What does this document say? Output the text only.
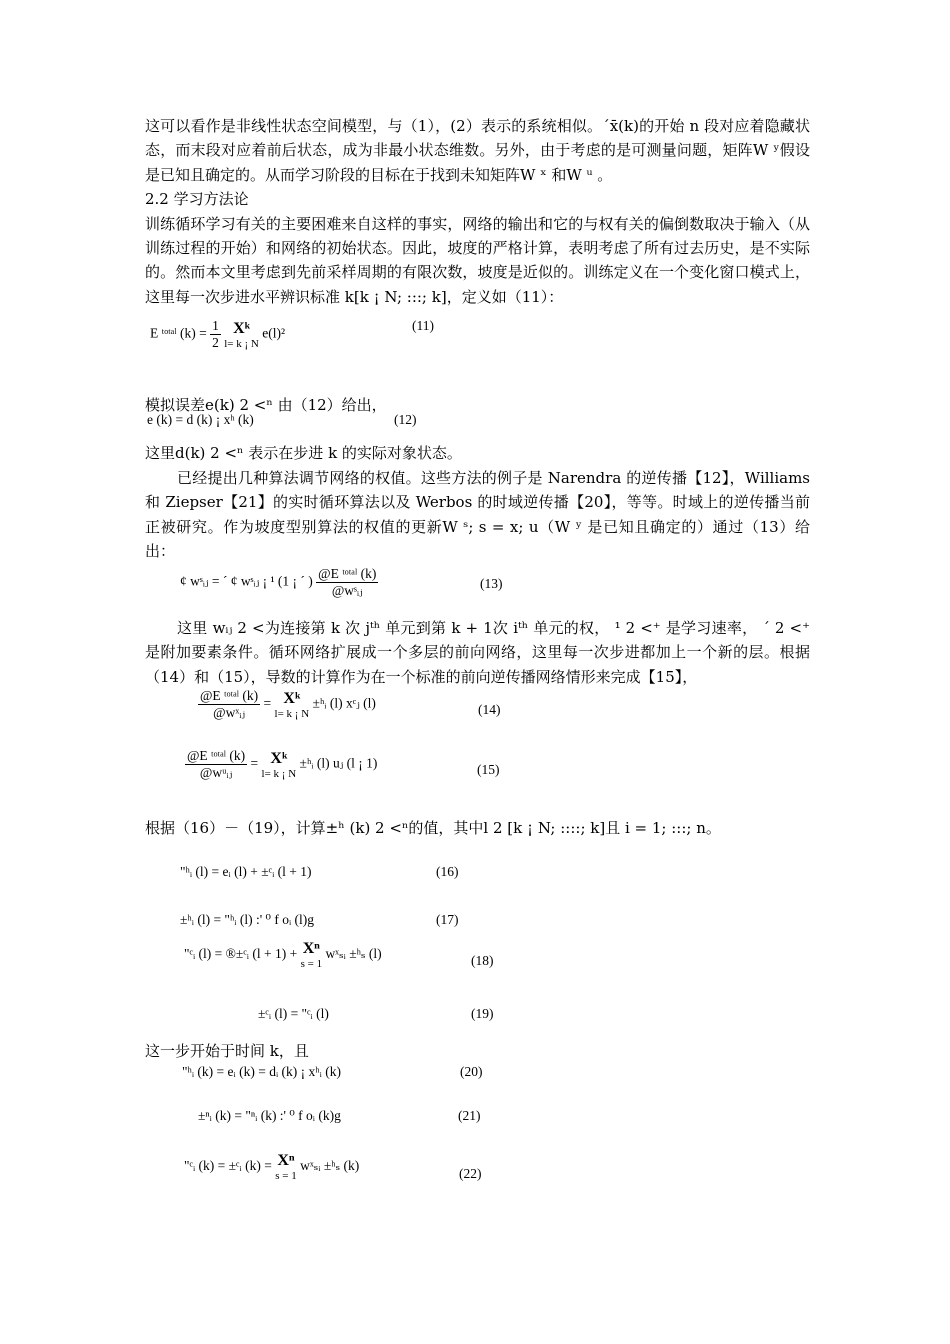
这可以看作是非线性状态空间模型，与（1），(2）表示的系统相似。´x̄(k)的开始 n 段对应着隐藏状态，而末段对应着前后状态，成为非最小状态维数。另外，由于考虑的是可测量问题，矩阵W ʸ假设是已知且确定的。从而学习阶段的目标在于找到未知矩阵W ˣ 和W ᵘ 。

2.2 学习方法论

训练循环学习有关的主要困难来自这样的事实，网络的输出和它的与权有关的偏倒数取决于输入（从训练过程的开始）和网络的初始状态。因此，坡度的严格计算，表明考虑了所有过去历史，是不实际的。然而本文里考虑到先前采样周期的有限次数，坡度是近似的。训练定义在一个变化窗口模式上，这里每一次步进水平辨识标准 k[k ¡ N; :::; k]，定义如（11）：

E ᵗᵒᵗᵃˡ $(k) = \frac{1}{2}$
Xᵏ
l= k ¡ N e(l)²
(11)

模拟误差e(k) 2 <ⁿ 由（12）给出，

e (k) = d (k) ¡ xʰ (k)	(12)

这里d(k) 2 <ⁿ 表示在步进 k 的实际对象状态。

已经提出几种算法调节网络的权值。这些方法的例子是 Narendra 的逆传播【12】，Williams 和 Ziepser【21】的实时循环算法以及 Werbos 的时域逆传播【20】，等等。时域上的逆传播当前正被研究。作为坡度型别算法的权值的更新W ˢ; s = x; u（W ʸ 是已知且确定的）通过（13）给出：

¢ wˢᵢⱼ = ´ ¢ wˢᵢⱼ ¡ ¹ (1 ¡ ´ ) $\frac{\text{@E ᵗᵒᵗᵃˡ (k)}}{\text{@wˢᵢⱼ}}$	(13)

这里 wᵢⱼ 2 <为连接第 k 次 jᵗʰ 单元到第 k + 1次 iᵗʰ 单元的权， ¹ 2 <⁺ 是学习速率， ´ 2 <⁺是附加要素条件。循环网络扩展成一个多层的前向网络，这里每一次步进都加上一个新的层。根据（14）和（15），导数的计算作为在一个标准的前向逆传播网络情形来完成【15】，

$\frac{\text{@E ᵗᵒᵗᵃˡ (k)}}{\text{@wˣᵢⱼ}}$ = Xᵏ
l= k ¡ N ±ʰᵢ (l) xᶜⱼ (l)	(14)
$\frac{\text{@E ᵗᵒᵗᵃˡ (k)}}{\text{@wᵘᵢⱼ}}$ = Xᵏ
l= k ¡ N ±ʰᵢ (l) uⱼ (l ¡ 1)	(15)

根据（16）－（19），计算±ʰ (k) 2 <ⁿ的值，其中l 2 [k ¡ N; ::::; k]且 i = 1; :::; n。

"ʰᵢ (l) = eᵢ (l) + ±ᶜᵢ (l + 1)	(16)
±ʰᵢ (l) = "ʰᵢ (l) :' ⁰ f oᵢ (l)g	(17)
"ᶜᵢ (l) = ®±ᶜᵢ (l + 1) + Xⁿ
s = 1 wˣₛᵢ ±ʰₛ (l)	(18)
±ᶜᵢ (l) = "ᶜᵢ (l)	(19)

这一步开始于时间 k，且

"ʰᵢ (k) = eᵢ (k) = dᵢ (k) ¡ xʰᵢ (k)	(20)
±ⁿᵢ (k) = "ⁿᵢ (k) :' ⁰ f oᵢ (k)g	(21)
"ᶜᵢ (k) = ±ᶜᵢ (k) = Xⁿ
s = 1 wˣₛᵢ ±ʰₛ (k)
(22)
